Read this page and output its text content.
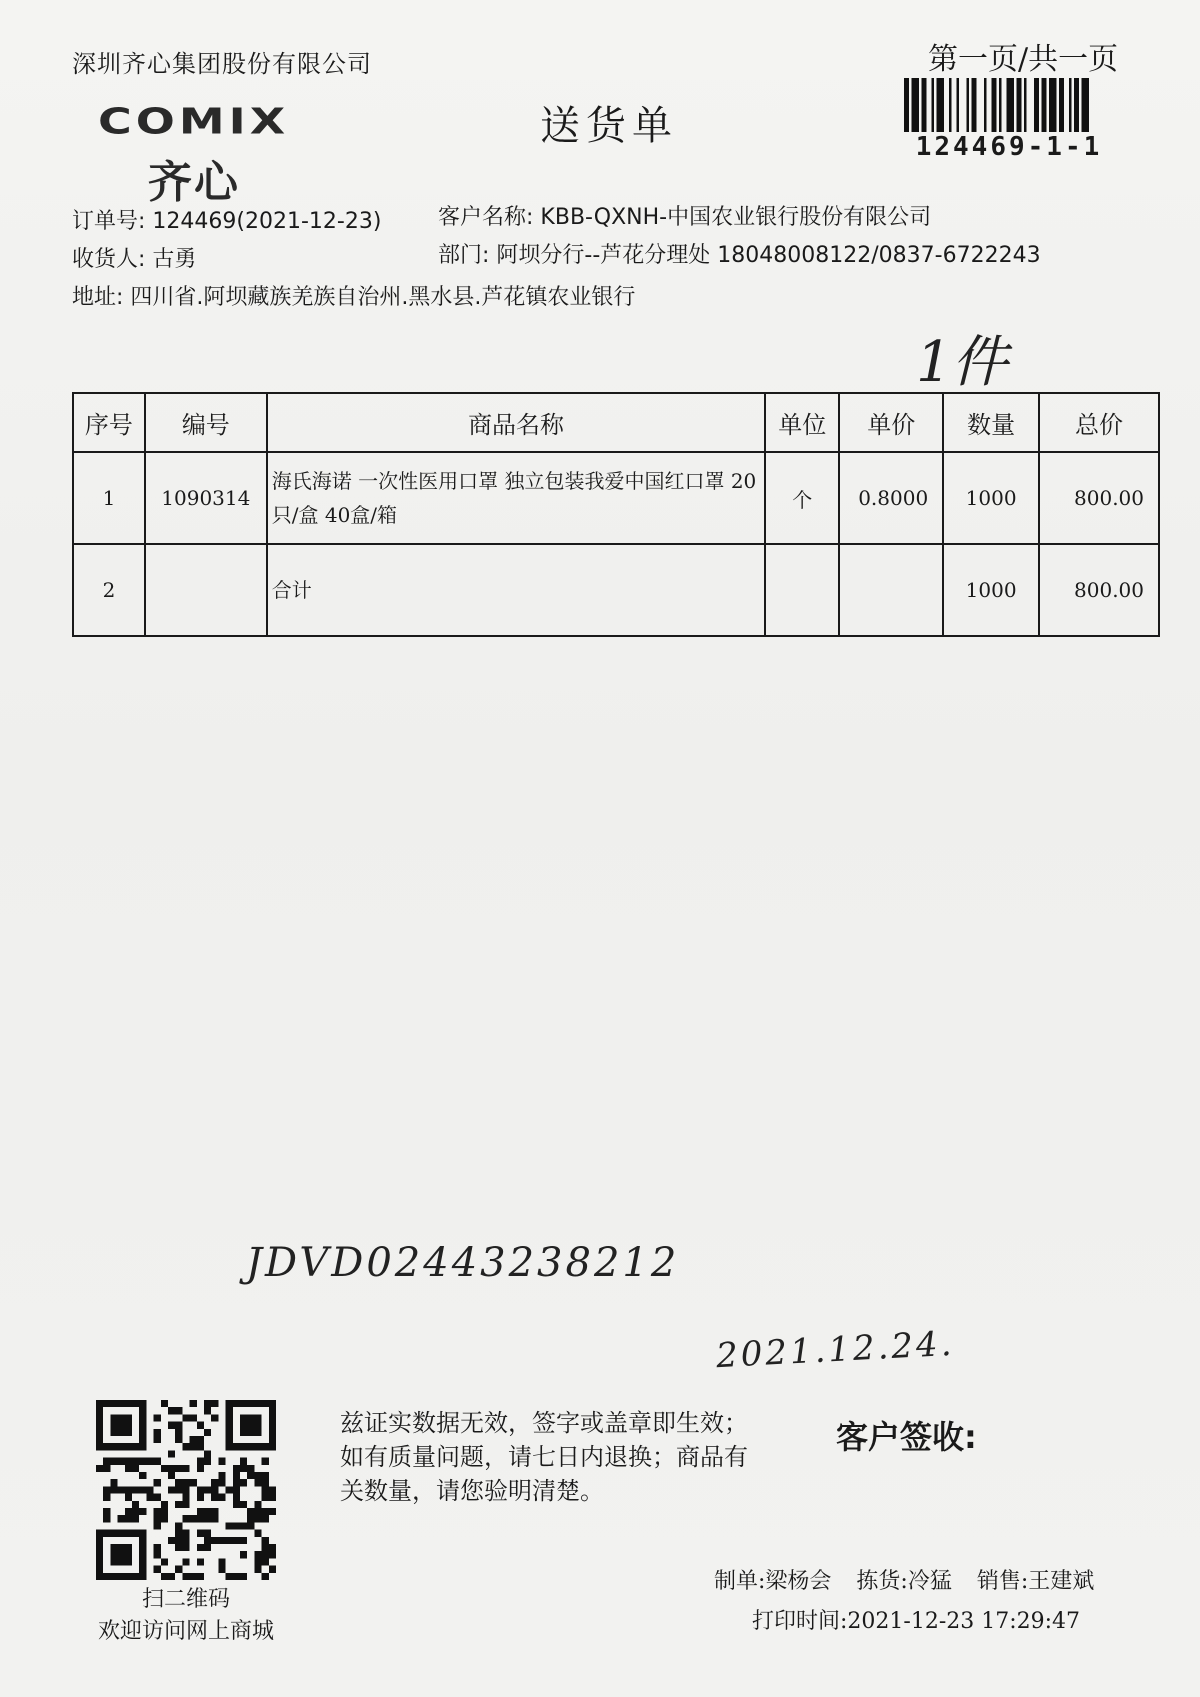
深圳齐心集团股份有限公司	第一页/共一页
124469-1-1
COMIX
齐心
送货单
订单号: 124469(2021-12-23)
收货人: 古勇
地址: 四川省.阿坝藏族羌族自治州.黑水县.芦花镇农业银行
客户名称: KBB-QXNH-中国农业银行股份有限公司
部门: 阿坝分行--芦花分理处 18048008122/0837-6722243
1件
序号	编号	商品名称	单位	单价	数量	总价
1	1090314	海氏海诺 一次性医用口罩 独立包装我爱中国红口罩 20只/盒 40盒/箱	个	0.8000	1000	800.00
2		合计			1000	800.00
JDVD02443238212
2021.12.24.
扫二维码
欢迎访问网上商城
兹证实数据无效，签字或盖章即生效；如有质量问题，请七日内退换；商品有关数量，请您验明清楚。
客户签收:
制单:梁杨会 拣货:冷猛 销售:王建斌
打印时间:2021-12-23 17:29:47
